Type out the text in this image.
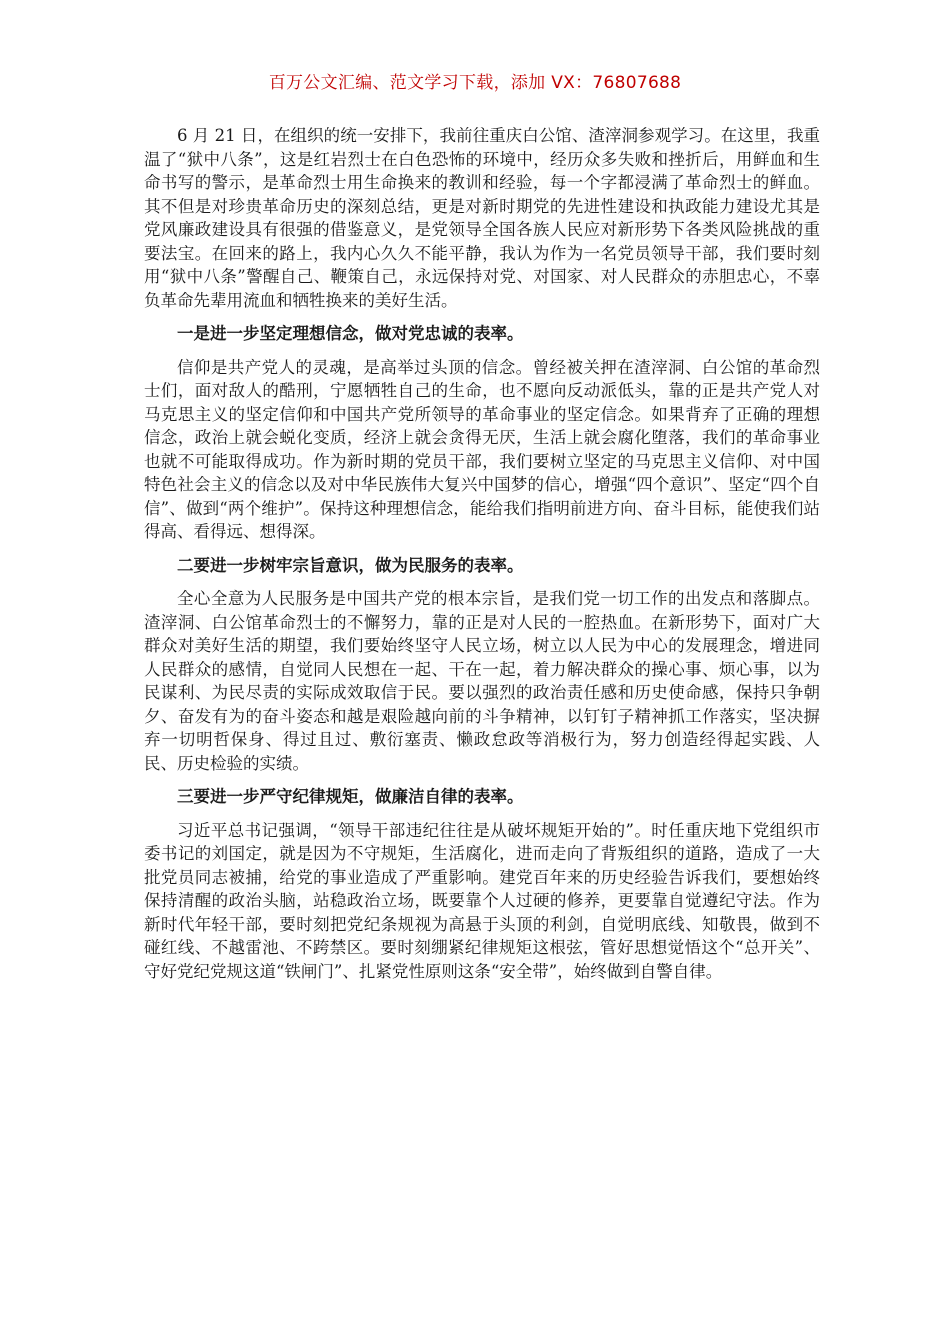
百万公文汇编、范文学习下载，添加 VX：76807688

6 月 21 日，在组织的统一安排下，我前往重庆白公馆、渣滓洞参观学习。在这里，我重温了“狱中八条”，这是红岩烈士在白色恐怖的环境中，经历众多失败和挫折后，用鲜血和生命书写的警示，是革命烈士用生命换来的教训和经验，每一个字都浸满了革命烈士的鲜血。其不但是对珍贵革命历史的深刻总结，更是对新时期党的先进性建设和执政能力建设尤其是党风廉政建设具有很强的借鉴意义，是党领导全国各族人民应对新形势下各类风险挑战的重要法宝。在回来的路上，我内心久久不能平静，我认为作为一名党员领导干部，我们要时刻用“狱中八条”警醒自己、鞭策自己，永远保持对党、对国家、对人民群众的赤胆忠心，不辜负革命先辈用流血和牺牲换来的美好生活。

一是进一步坚定理想信念，做对党忠诚的表率。

信仰是共产党人的灵魂，是高举过头顶的信念。曾经被关押在渣滓洞、白公馆的革命烈士们，面对敌人的酷刑，宁愿牺牲自己的生命，也不愿向反动派低头，靠的正是共产党人对马克思主义的坚定信仰和中国共产党所领导的革命事业的坚定信念。如果背弃了正确的理想信念，政治上就会蜕化变质，经济上就会贪得无厌，生活上就会腐化堕落，我们的革命事业也就不可能取得成功。作为新时期的党员干部，我们要树立坚定的马克思主义信仰、对中国特色社会主义的信念以及对中华民族伟大复兴中国梦的信心，增强“四个意识”、坚定“四个自信”、做到“两个维护”。保持这种理想信念，能给我们指明前进方向、奋斗目标，能使我们站得高、看得远、想得深。

二要进一步树牢宗旨意识，做为民服务的表率。

全心全意为人民服务是中国共产党的根本宗旨，是我们党一切工作的出发点和落脚点。渣滓洞、白公馆革命烈士的不懈努力，靠的正是对人民的一腔热血。在新形势下，面对广大群众对美好生活的期望，我们要始终坚守人民立场，树立以人民为中心的发展理念，增进同人民群众的感情，自觉同人民想在一起、干在一起，着力解决群众的操心事、烦心事，以为民谋利、为民尽责的实际成效取信于民。要以强烈的政治责任感和历史使命感，保持只争朝夕、奋发有为的奋斗姿态和越是艰险越向前的斗争精神，以钉钉子精神抓工作落实，坚决摒弃一切明哲保身、得过且过、敷衍塞责、懒政怠政等消极行为，努力创造经得起实践、人民、历史检验的实绩。

三要进一步严守纪律规矩，做廉洁自律的表率。

习近平总书记强调，“领导干部违纪往往是从破坏规矩开始的”。时任重庆地下党组织市委书记的刘国定，就是因为不守规矩，生活腐化，进而走向了背叛组织的道路，造成了一大批党员同志被捕，给党的事业造成了严重影响。建党百年来的历史经验告诉我们，要想始终保持清醒的政治头脑，站稳政治立场，既要靠个人过硬的修养，更要靠自觉遵纪守法。作为新时代年轻干部，要时刻把党纪条规视为高悬于头顶的利剑，自觉明底线、知敬畏，做到不碰红线、不越雷池、不跨禁区。要时刻绷紧纪律规矩这根弦，管好思想觉悟这个“总开关”、守好党纪党规这道“铁闸门”、扎紧党性原则这条“安全带”，始终做到自警自律。
